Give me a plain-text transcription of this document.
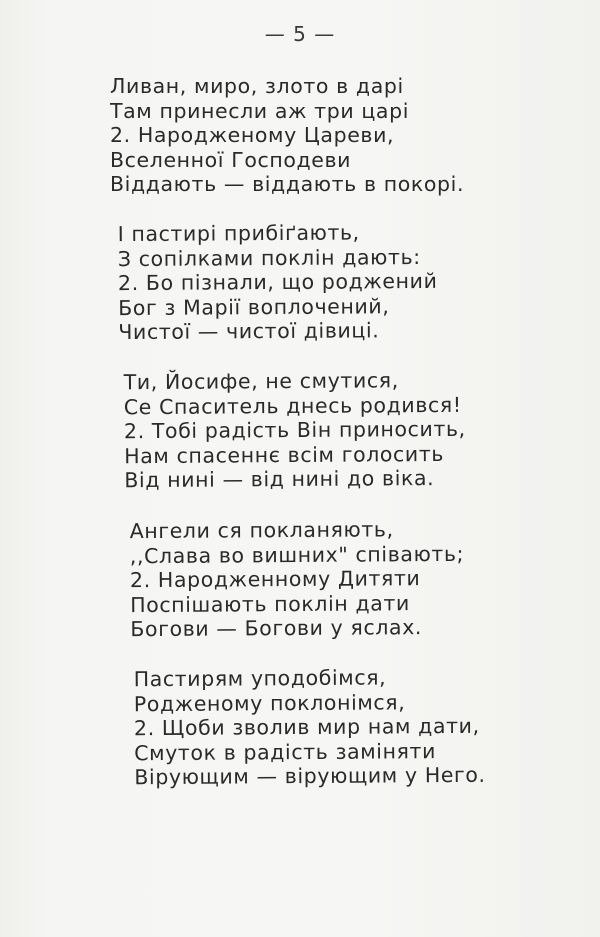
— 5 —
Ливан, миро, злото в дарі
Там принесли аж три царі
2. Народженому Цареви,
Вселенної Господеви
Віддають — віддають в покорі.
І пастирі прибіґають,
З сопілками поклін дають:
2. Бо пізнали, що роджений
Бог з Марії воплочений,
Чистої — чистої дівиці.
Ти, Йосифе, не смутися,
Се Спаситель днесь родився!
2. Тобі радість Він приносить,
Нам спасеннє всім голосить
Від нині — від нині до віка.
Ангели ся покланяють,
,,Слава во вишних" співають;
2. Народженному Дитяти
Поспішають поклін дати
Богови — Богови у яслах.
Пастирям уподобімся,
Родженому поклонімся,
2. Щоби зволив мир нам дати,
Смуток в радість заміняти
Вірующим — вірующим у Него.
